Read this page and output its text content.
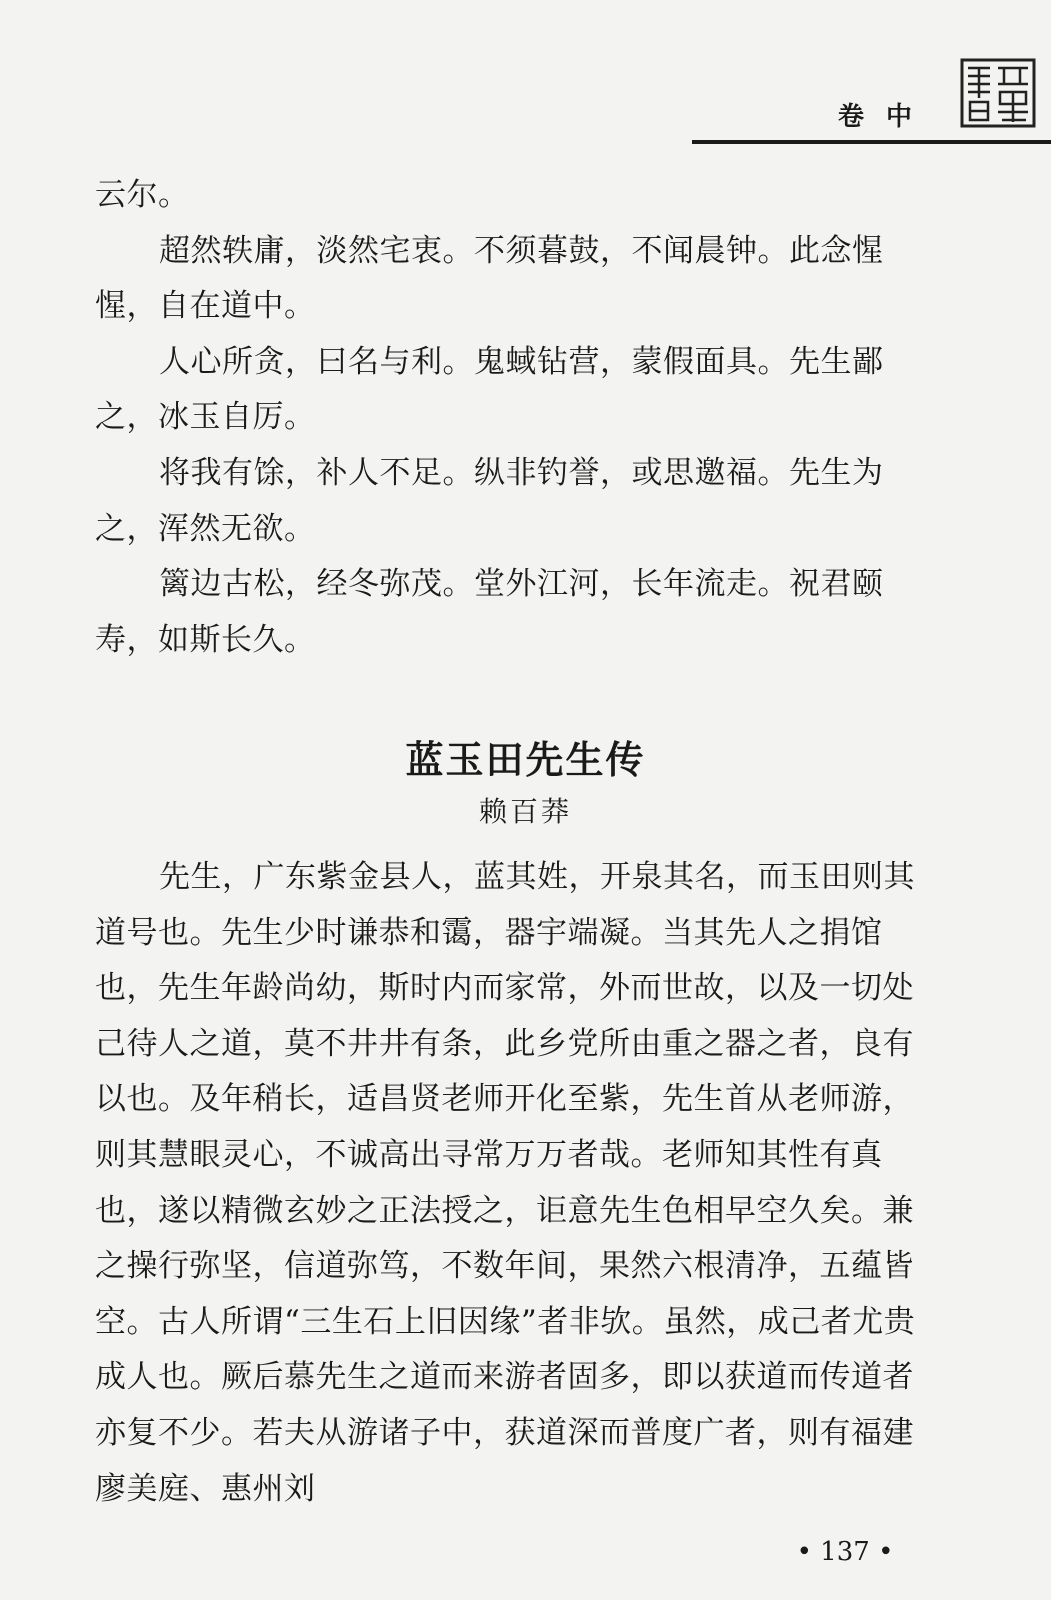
卷中

云尔。

超然轶庸，淡然宅衷。不须暮鼓，不闻晨钟。此念惺惺，自在道中。

人心所贪，曰名与利。鬼蜮钻营，蒙假面具。先生鄙之，冰玉自厉。

将我有馀，补人不足。纵非钓誉，或思邀福。先生为之，浑然无欲。

篱边古松，经冬弥茂。堂外江河，长年流走。祝君颐寿，如斯长久。

蓝玉田先生传
赖百莽

先生，广东紫金县人，蓝其姓，开泉其名，而玉田则其道号也。先生少时谦恭和霭，器宇端凝。当其先人之捐馆也，先生年龄尚幼，斯时内而家常，外而世故，以及一切处己待人之道，莫不井井有条，此乡党所由重之器之者，良有以也。及年稍长，适昌贤老师开化至紫，先生首从老师游，则其慧眼灵心，不诚高出寻常万万者哉。老师知其性有真也，遂以精微玄妙之正法授之，讵意先生色相早空久矣。兼之操行弥坚，信道弥笃，不数年间，果然六根清净，五蕴皆空。古人所谓“三生石上旧因缘”者非欤。虽然，成己者尤贵成人也。厥后慕先生之道而来游者固多，即以获道而传道者亦复不少。若夫从游诸子中，获道深而普度广者，则有福建廖美庭、惠州刘

• 137 •
